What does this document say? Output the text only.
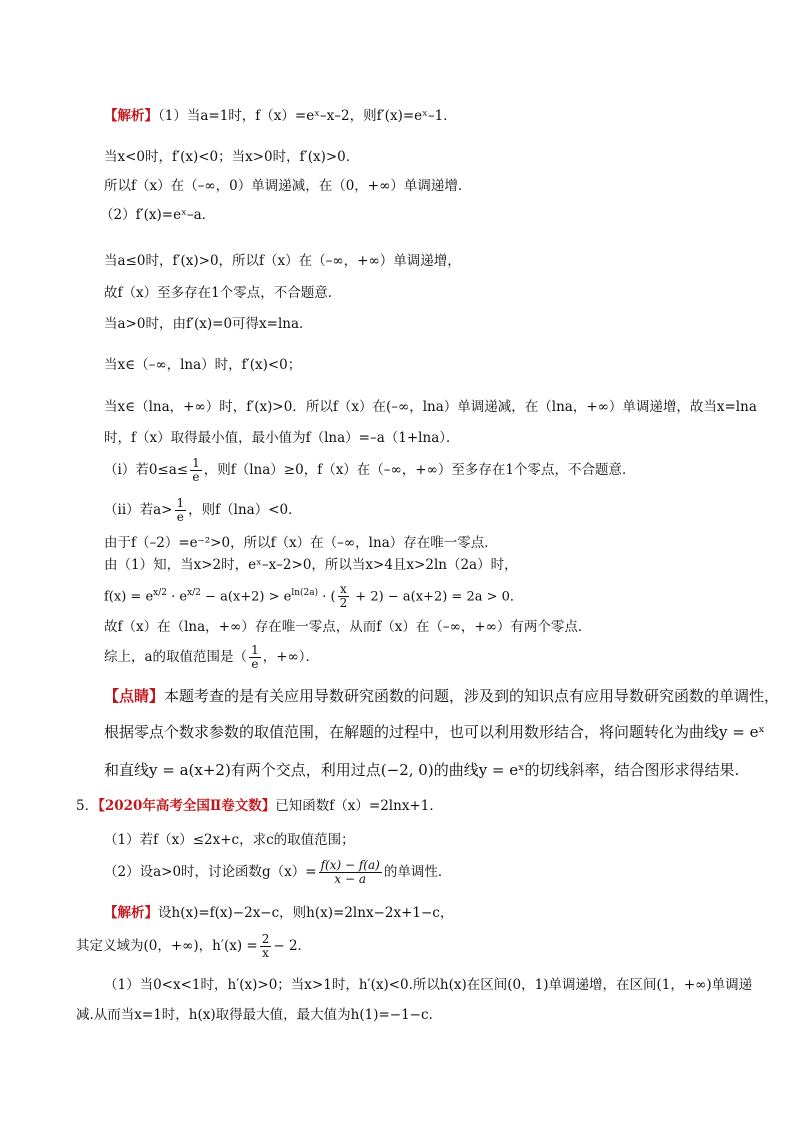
【解析】（1）当a=1时，f（x）=eˣ–x–2，则f′(x)=eˣ–1．
当x<0时，f′(x)<0；当x>0时，f′(x)>0．
所以f（x）在（–∞，0）单调递减，在（0，+∞）单调递增．
（2）f′(x)=eˣ–a．
当a≤0时，f′(x)>0，所以f（x）在（–∞，+∞）单调递增，
故f（x）至多存在1个零点，不合题意．
当a>0时，由f′(x)=0可得x=lna．
当x∈（–∞，lna）时，f′(x)<0；
当x∈（lna，+∞）时，f′(x)>0．所以f（x）在(–∞，lna）单调递减，在（lna，+∞）单调递增，故当x=lna
时，f（x）取得最小值，最小值为f（lna）=–a（1+lna）．
（i）若$0\le a\le \frac{1}{e}$ ，则f（lna）≥0，f（x）在（–∞，+∞）至多存在1个零点，不合题意．
（ii）若$a> \frac{1}{e}$ ，则f（lna）<0．
由于f（–2）=e⁻²>0，所以f（x）在（–∞，lna）存在唯一零点．
由（1）知，当x>2时，eˣ–x–2>0，所以当x>4且x>2ln（2a）时，
$f(x) = e^{x/2} \cdot e^{x/2} - a(x+2) > e^{ln(2a)}$ · ( $\frac{x}{2} + 2) - a(x+2) = 2a > 0$．
故f（x）在（lna，+∞）存在唯一零点，从而f（x）在（–∞，+∞）有两个零点．
综上，a的取值范围是（ $\frac{1}{e}$ ，+∞）．
【点睛】本题考查的是有关应用导数研究函数的问题，涉及到的知识点有应用导数研究函数的单调性，
根据零点个数求参数的取值范围，在解题的过程中，也可以利用数形结合，将问题转化为曲线y = eˣ
和直线y = a(x+2)有两个交点，利用过点(−2, 0)的曲线y = eˣ的切线斜率，结合图形求得结果.
5．【2020年高考全国Ⅱ卷文数】已知函数f（x）=2lnx+1．
（1）若f（x）≤2x+c，求c的取值范围；
（2）设a>0时，讨论函数$g(x)= \frac{f(x) - f(a)}{x - a}$ 的单调性．
【解析】设h(x)=f(x)−2x−c，则h(x)=2lnx−2x+1−c，
其定义域为(0，+∞)，$h'(x) = \frac{2}{x} - 2$．
（1）当0<x<1时，h′(x)>0；当x>1时，h′(x)<0.所以h(x)在区间(0，1)单调递增，在区间(1，+∞)单调递
减.从而当x=1时，h(x)取得最大值，最大值为h(1)=−1−c.
